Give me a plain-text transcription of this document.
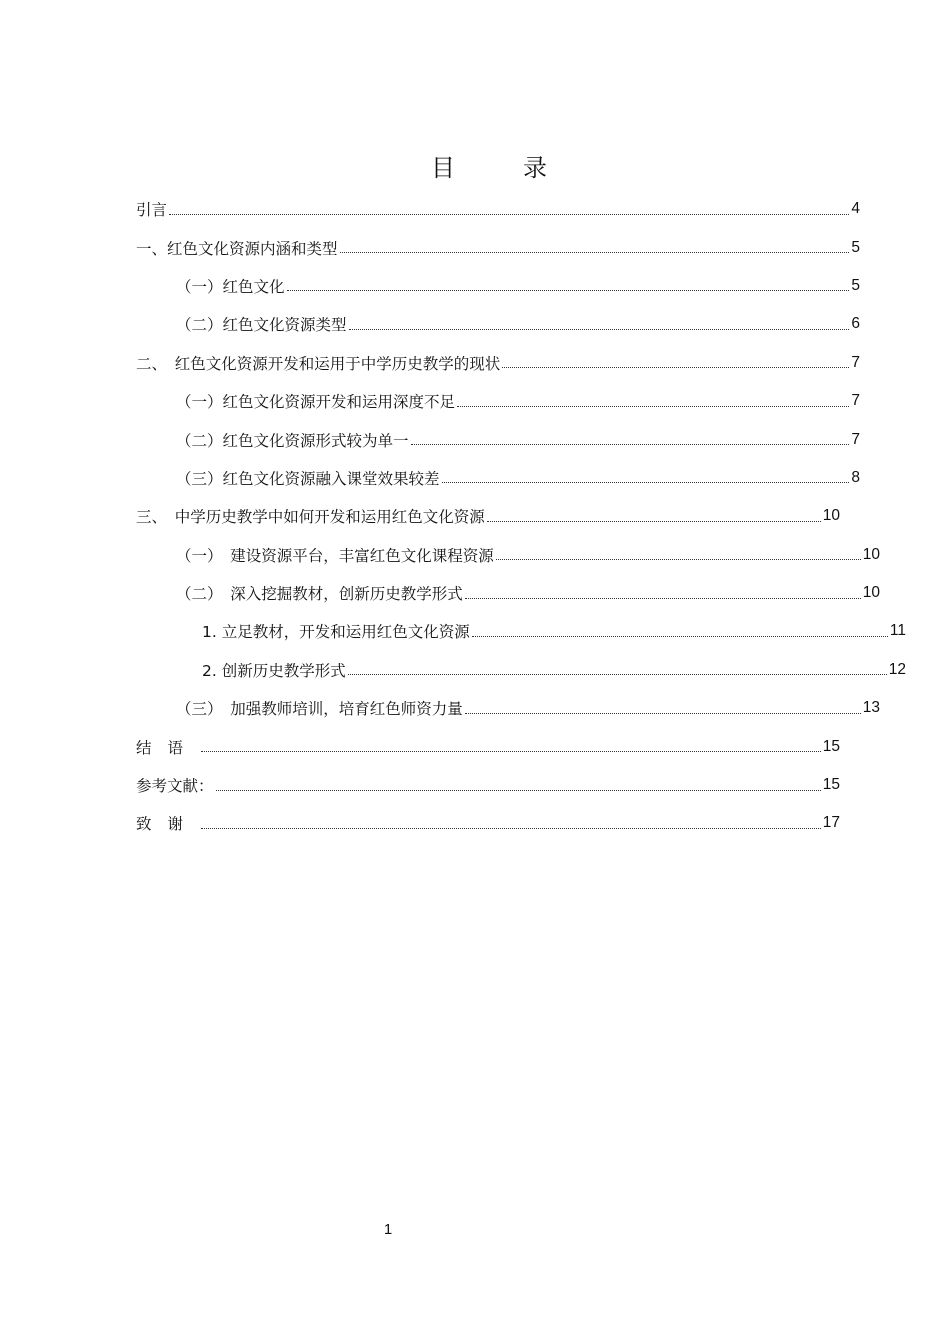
目　录
引言	4
一、红色文化资源内涵和类型	5
（一）红色文化	5
（二）红色文化资源类型	6
二、　红色文化资源开发和运用于中学历史教学的现状	7
（一）红色文化资源开发和运用深度不足	7
（二）红色文化资源形式较为单一	7
（三）红色文化资源融入课堂效果较差	8
三、　中学历史教学中如何开发和运用红色文化资源	10
（一）　建设资源平台，丰富红色文化课程资源	10
（二）　深入挖掘教材，创新历史教学形式	10
1. 立足教材，开发和运用红色文化资源	11
2. 创新历史教学形式	12
（三）　加强教师培训，培育红色师资力量	13
结语	15
参考文献：	15
致谢	17
1
